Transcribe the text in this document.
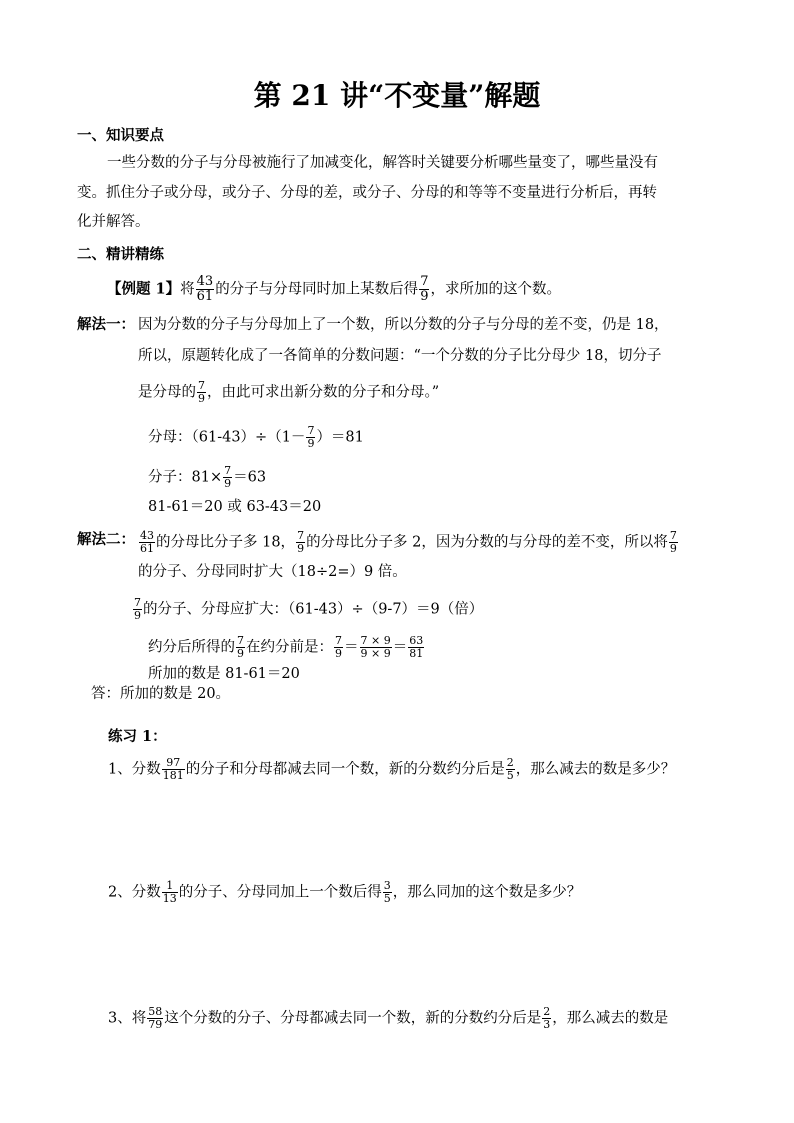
第 21 讲“不变量”解题
一、知识要点
一些分数的分子与分母被施行了加减变化，解答时关键要分析哪些量变了，哪些量没有
变。抓住分子或分母，或分子、分母的差，或分子、分母的和等等不变量进行分析后，再转
化并解答。
二、精讲精练
【例题 1】将 $\frac{43}{61}$ 的分子与分母同时加上某数后得 $\frac{7}{9}$ ，求所加的这个数。
解法一： 因为分数的分子与分母加上了一个数，所以分数的分子与分母的差不变，仍是 18，
所以，原题转化成了一各简单的分数问题：“一个分数的分子比分母少 18，切分子
是分母的 $\frac{7}{9}$ ，由此可求出新分数的分子和分母。”
分母：$(61-43)\div(1- \frac{7}{9} )=81$
分子：$81\times \frac{7}{9} =63$
81-61＝20 或 63-43＝20
解法二： $\frac{43}{61}$ 的分母比分子多 18， $\frac{7}{9}$ 的分母比分子多 2，因为分数的与分母的差不变，所以将 $\frac{7}{9}$
的分子、分母同时扩大（18÷2=）9 倍。
$\frac{7}{9}$ 的分子、分母应扩大：（61-43）÷（9-7）＝9（倍）
约分后所得的 $\frac{7}{9}$ 在约分前是： $\frac{7}{9} = \frac{7 \times 9}{9 \times 9} = \frac{63}{81}$
所加的数是 81-61＝20
答：所加的数是 20。
练习 1：
1、分数 $\frac{97}{181}$ 的分子和分母都减去同一个数，新的分数约分后是 $\frac{2}{5}$ ，那么减去的数是多少？
2、分数 $\frac{1}{13}$ 的分子、分母同加上一个数后得 $\frac{3}{5}$ ，那么同加的这个数是多少？
3、将 $\frac{58}{79}$ 这个分数的分子、分母都减去同一个数，新的分数约分后是 $\frac{2}{3}$ ，那么减去的数是
